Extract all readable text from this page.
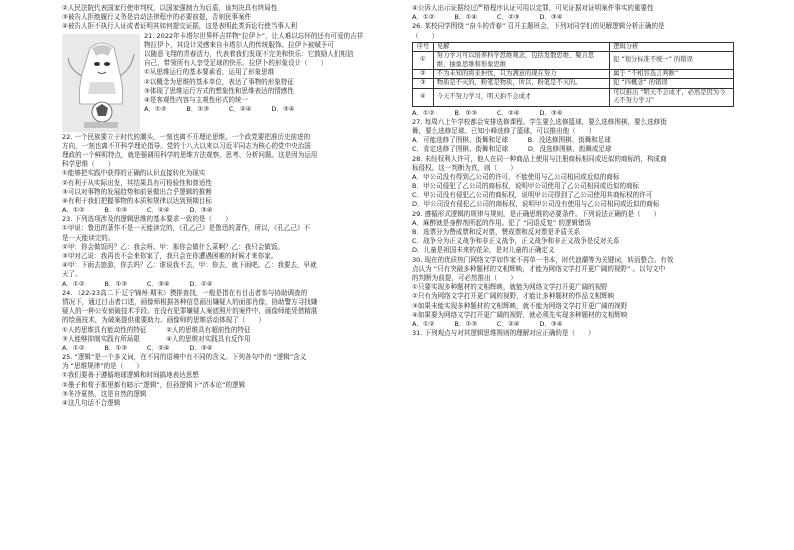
②人民法院代表国家行使审判权，以国家强制力为后盾，该判决具有终局性
③被告人拒绝履行义务是启动法律程序的必要前提，否则民事案件
④被告人拒不执行人证或者证明其如何提交证据，这是表明此类诉讼行使当事人利
21. 2022年卡塔尔世界杯吉祥物“拉伊卜”，让人难以忘怀的还有可爱的吉祥
物拉伊卜，其设计灵感来自卡塔尔人的传统服饰。拉伊卜被赋予可
以随意飞翔的青春活力，代表着我们发现不完美和快乐：它鼓励人们相信
自己，带领所有人享受足球的快乐。拉伊卜的形象设计（　　）
①从思维运行的基本要素看，运用了形象思维
②以概念为思维的基本单位，表达了事物的形象特征
③体现了思维运行方式的想象性和思维表达的情感性
④是客观性内容与主观性形式的统一
A．①②　　　B．①③　　　C．②④　　　D．③④
22. 一个民族要立于时代的潮头，一刻也离不开理论思维。一个政党要把准历史前进的
方向，一刻也离不开科学理论指导。党的十八大以来以习近平同志为核心的党中央治国
理政的一个鲜明特点，就是强调用科学的思维方法观察、思考、分析问题。这是因为运用
科学思维（　　）
①能够把实践中获得的正确的认识直接转化为现实
②有利于从实际出发，其结果具有可检验性和普适性
③可以对事物的发展趋势和前景做出合乎逻辑的推断
④有利于我们把握事物的本质和规律以达到预期目标
A．①②　　　B．①③　　　C．②④　　　D．③④
23. 下列选项涉及的逻辑思维的基本要求一致的是（　　）
①甲说：鲁迅的著作不是一天能读完的，《孔乙己》是鲁迅的著作，所以，《孔乙己》不
是一天能读完的。
②甲：你会做饭吗？乙：我会呀。甲：那你会做什么菜啊？乙：我只会做饭。
③甲对乙说：我再也不会来你家了，我只会在你遭遇困难的时候才来你家。
④甲：下雨去旅游，你去吗？乙：谁说我不去，甲：你去，就下雨吧。乙：我要去，早就
天了。
A．①②　　　B．①③　　　C．③④　　　D．②④
24. （22-23高二下·辽宁锦州·期末）摸排查找，一般是指在有目击者参与协助调查的
情况下，通过目击者口述，画像师根据各种信息画出嫌疑人的面部肖像，协助警方寻找嫌
疑人的一种公安侦破技术手段。在没有犯罪嫌疑人案底照片的案件中，画像师能凭借精湛
的绘画技术，为破案提供重要助力。画像师的思维活动体现了（　　）
①人的思维具有能动性的特征　　　②人的思维具有超前性的特征
③人能够抑制实践有所局限　　　　④人的思维对实践具有反作用
A．①②　　　B．①③　　　C．②④　　　D．③④
25. “逻辑”是一个多义词，在不同的语境中有不同的含义。下列各句中的 “逻辑”含义
为 “思维规律”的是（　　）
①我们要善于遵循地球逻辑和时间搞地表达思想
②墨子和荀子那里都有暗示“逻辑”，但孙逻辑下“济本论”的逻辑
③冬冷夏热，这是自然的逻辑
④这几句话不合逻辑
④公诉人出示证据经过严格程序认证可用以定罪，可见证据对证明案件事实的重要性
A．①②　　　B．①④　　　C．②③　　　D．③④
26. 某校同学围绕 “奋斗的青春” 召开主题班会，下列对同学们的见解逻辑分析正确的是
（　　）
序号	见解	逻辑分析
①	努力学习可以培养科学思维观念，包括发散思维、聚合思维、抽象思维和形象思维	犯 “划分标准不统一” 的错误
②	不为未知的将来担忧，只为满意的现在努力	属于 “不相容选言判断”
③	物质是不灭的，粉笔是物质，所以，粉笔是不灭的。	犯 “四概念” 的错误
④	今天不努力学习，明天拍不会成才	可以推出 “明天不会成才，必然是因为今天不努力学习”
A．①②　　　B．①③　　　C．②④　　　D．③④
27. 每周六上午学校都会安排选修课程。学生要么选修篮球，要么选修围棋，要么选修街
舞，要么选修足球。已知小峰选修了篮球，可以推出他（　　）
A．可能选修了围棋、街舞和足球　　　B．没选修围棋、街舞和足球
C．肯定选修了围棋、街舞和足球　　　D．没选修围棋、街舞或足球
28. 未经权利人许可，他人在同一种商品上使用与注册商标相同或近似的商标的，构成商
标侵权。这一判断为真，则（　　）
A．甲公司没有得到乙公司的许可，不能使用与乙公司相同或近似的商标
B．甲公司侵犯了乙公司的商标权，说明甲公司使用了乙公司相同或近似的商标
C．甲公司没有侵犯乙公司的商标权，说明甲公司得到了乙公司使用其商标权的许可
D．甲公司没有侵犯乙公司的商标权，说明甲公司没有使用与乙公司相同或近似的商标
29. 遵循形式逻辑的规律与规则，是正确思维的必要条件。下列说法正确的是（　　）
A．麻醉就是身醉剂所起的作用。犯了 “同语反复” 的逻辑错误
B．选票分为赞成票和反对票，赞成票和反对票是矛盾关系
C．战争分为正义战争和非正义战争，正义战争和非正义战争是反对关系
D．儿童是祖国未来的花朵，是对儿童的正确定义
30. 现在的优质热门网络文学如作家不再单一书本，时代浪潮等为关键词，转而整合。有效
点认为 “只有突破多种题材的文相辉映，才能为网络文学打开更广阔的视野” 。以句文中
的判断为前提，可必然推出（　　）
①只要实现多种题材的文相辉映，就能为网络文学打开更广阔的视野
②只有为网络文学打开更广阔的视野，才能让多种题材的作品文相辉映
③如果未能实现多种题材的文相辉映，就不能为网络文学打开更广阔的视野
④如果要为网络文学打开更广阔的视野，就必须先实现多种题材的文相辉映
A．①②　　　B．①③　　　C．②④　　　D．③④
31. 下列观点与对其逻辑思维规则的理解对应正确的是（　　）
